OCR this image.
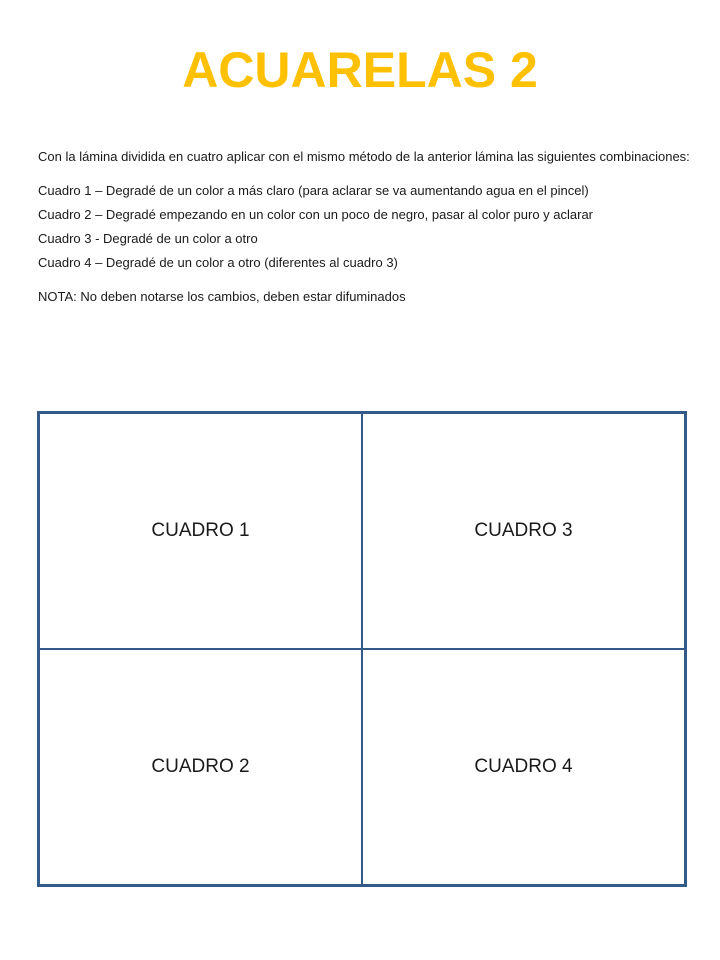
ACUARELAS 2

Con la lámina dividida en cuatro aplicar con el mismo método de la anterior lámina las siguientes combinaciones:

Cuadro 1 – Degradé de un color a más claro (para aclarar se va aumentando agua en el pincel)

Cuadro 2 – Degradé empezando en un color con un poco de negro, pasar al color puro y aclarar

Cuadro 3 - Degradé de un color a otro

Cuadro 4 – Degradé de un color a otro (diferentes al cuadro 3)

NOTA: No deben notarse los cambios, deben estar difuminados

CUADRO 1	CUADRO 3
CUADRO 2	CUADRO 4
